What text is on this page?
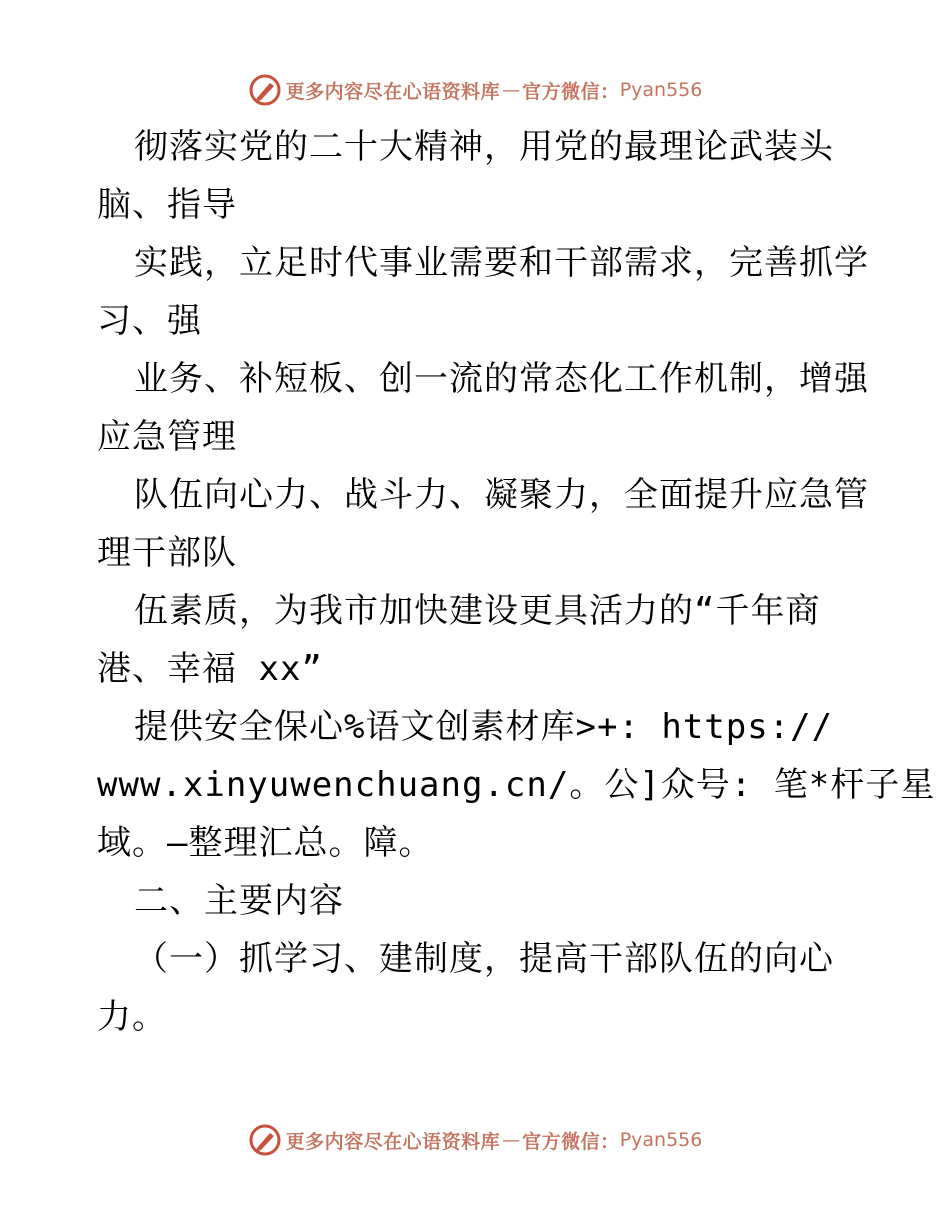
更多内容尽在心语资料库 — 官方微信： Pyan556
彻落实党的二十大精神，用党的最理论武装头
脑、指导
实践，立足时代事业需要和干部需求，完善抓学
习、强
业务、补短板、创一流的常态化工作机制，增强
应急管理
队伍向心力、战斗力、凝聚力，全面提升应急管
理干部队
伍素质，为我市加快建设更具活力的“千年商
港、幸福 xx”
提供安全保心%语文创素材库>+: https://
www.xinyuwenchuang.cn/。公]众号: 笔*杆子星
域。—整理汇总。障。
二、主要内容
（一）抓学习、建制度，提高干部队伍的向心
力。
更多内容尽在心语资料库 — 官方微信： Pyan556
